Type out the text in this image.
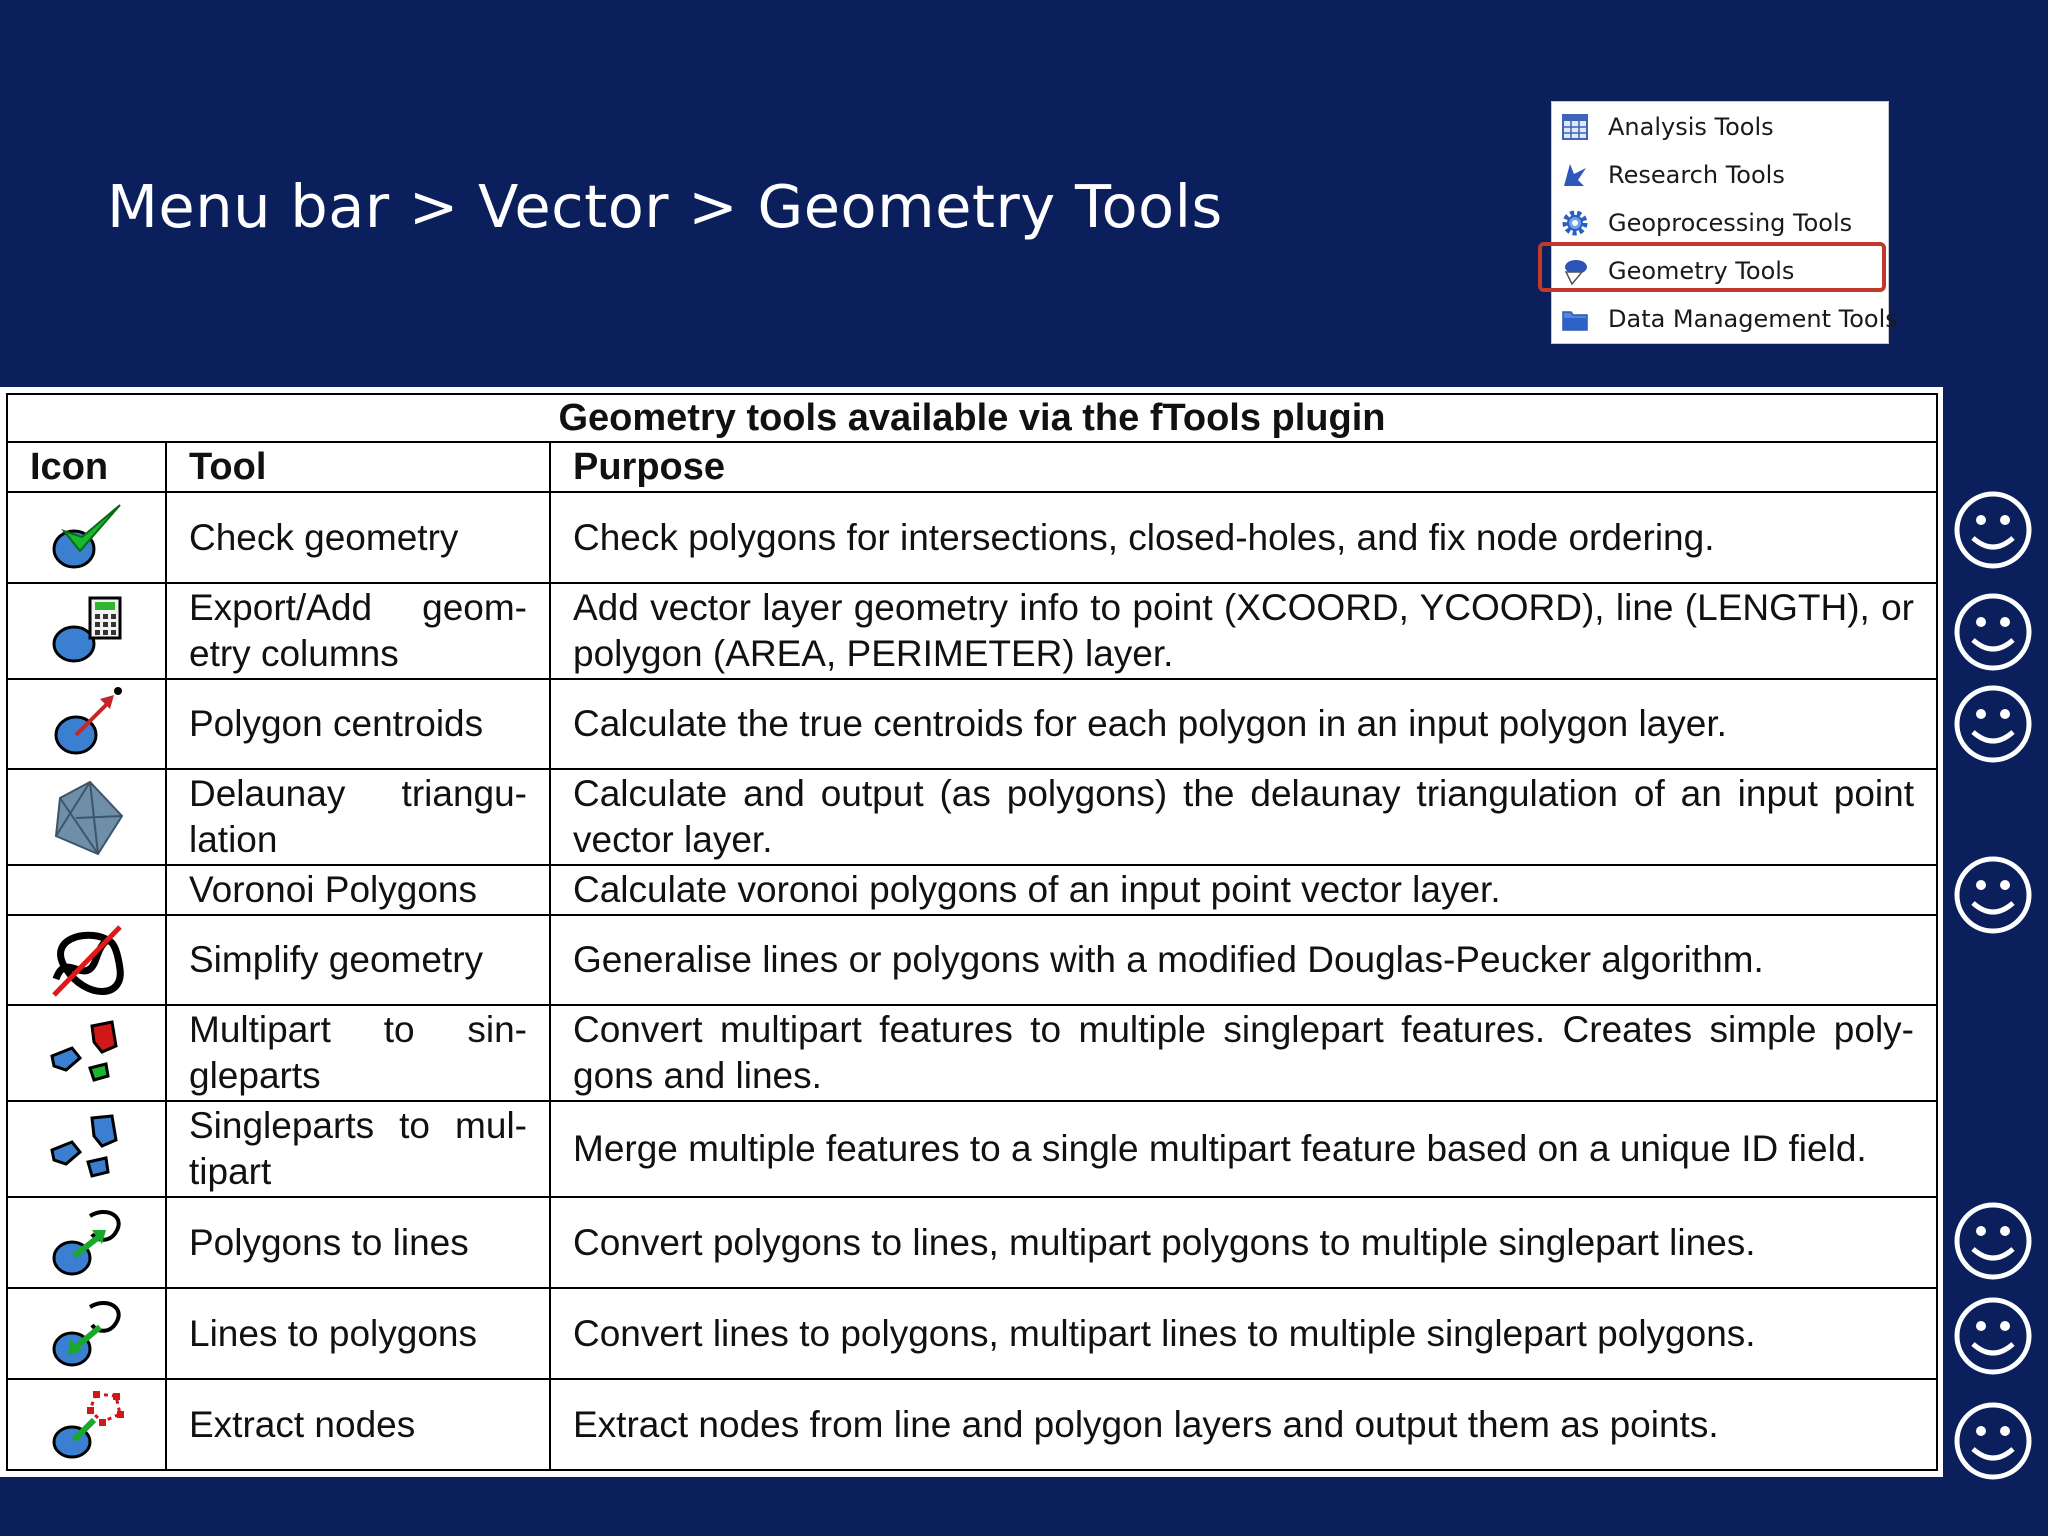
Menu bar > Vector > Geometry Tools
Analysis Tools
Research Tools
Geoprocessing Tools
Geometry Tools
Data Management Tools
Geometry tools available via the fTools plugin		
Icon	Tool	Purpose
	Check geometry	Check polygons for intersections, closed-holes, and fix node ordering.
	Export/Add geom-etry columns	Add vector layer geometry info to point (XCOORD, YCOORD), line (LENGTH), or polygon (AREA, PERIMETER) layer.
	Polygon centroids	Calculate the true centroids for each polygon in an input polygon layer.
	Delaunay triangu-lation	Calculate and output (as polygons) the delaunay triangulation of an input point vector layer.
	Voronoi Polygons	Calculate voronoi polygons of an input point vector layer.
	Simplify geometry	Generalise lines or polygons with a modified Douglas-Peucker algorithm.
	Multipart to sin-gleparts	Convert multipart features to multiple singlepart features. Creates simple poly-gons and lines.
	Singleparts to mul-tipart	Merge multiple features to a single multipart feature based on a unique ID field.
	Polygons to lines	Convert polygons to lines, multipart polygons to multiple singlepart lines.
	Lines to polygons	Convert lines to polygons, multipart lines to multiple singlepart polygons.
	Extract nodes	Extract nodes from line and polygon layers and output them as points.
